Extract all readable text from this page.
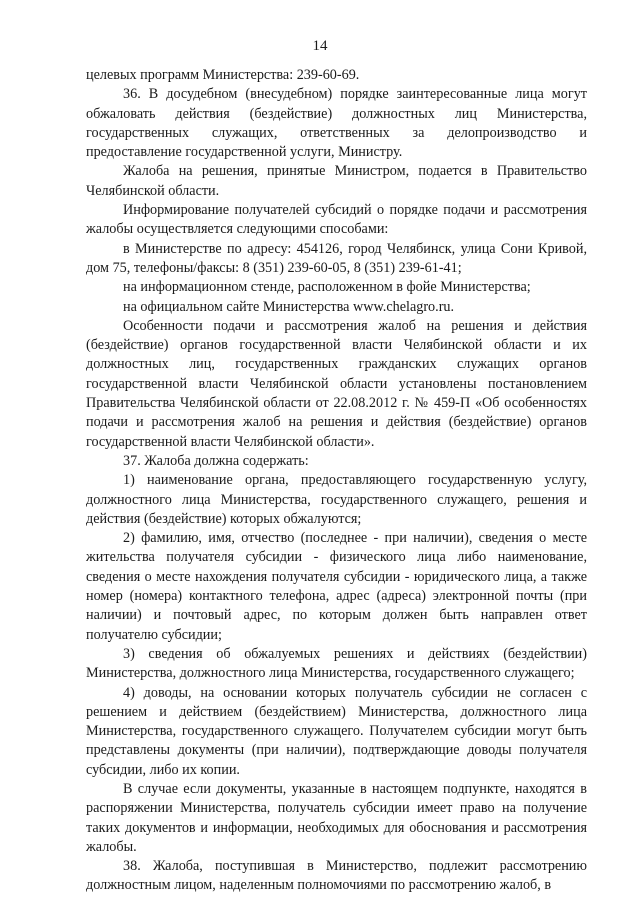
14

целевых программ Министерства: 239-60-69.

36. В досудебном (внесудебном) порядке заинтересованные лица могут обжаловать действия (бездействие) должностных лиц Министерства, государственных служащих, ответственных за делопроизводство и предоставление государственной услуги, Министру.

Жалоба на решения, принятые Министром, подается в Правительство Челябинской области.

Информирование получателей субсидий о порядке подачи и рассмотрения жалобы осуществляется следующими способами:

в Министерстве по адресу: 454126, город Челябинск, улица Сони Кривой, дом 75, телефоны/факсы: 8 (351) 239-60-05, 8 (351) 239-61-41;

на информационном стенде, расположенном в фойе Министерства;

на официальном сайте Министерства www.chelagro.ru.

Особенности подачи и рассмотрения жалоб на решения и действия (бездействие) органов государственной власти Челябинской области и их должностных лиц, государственных гражданских служащих органов государственной власти Челябинской области установлены постановлением Правительства Челябинской области от 22.08.2012 г. № 459-П «Об особенностях подачи и рассмотрения жалоб на решения и действия (бездействие) органов государственной власти Челябинской области».

37. Жалоба должна содержать:

1) наименование органа, предоставляющего государственную услугу, должностного лица Министерства, государственного служащего, решения и действия (бездействие) которых обжалуются;

2) фамилию, имя, отчество (последнее - при наличии), сведения о месте жительства получателя субсидии - физического лица либо наименование, сведения о месте нахождения получателя субсидии - юридического лица, а также номер (номера) контактного телефона, адрес (адреса) электронной почты (при наличии) и почтовый адрес, по которым должен быть направлен ответ получателю субсидии;

3) сведения об обжалуемых решениях и действиях (бездействии) Министерства, должностного лица Министерства, государственного служащего;

4) доводы, на основании которых получатель субсидии не согласен с решением и действием (бездействием) Министерства, должностного лица Министерства, государственного служащего. Получателем субсидии могут быть представлены документы (при наличии), подтверждающие доводы получателя субсидии, либо их копии.

В случае если документы, указанные в настоящем подпункте, находятся в распоряжении Министерства, получатель субсидии имеет право на получение таких документов и информации, необходимых для обоснования и рассмотрения жалобы.

38. Жалоба, поступившая в Министерство, подлежит рассмотрению должностным лицом, наделенным полномочиями по рассмотрению жалоб, в
